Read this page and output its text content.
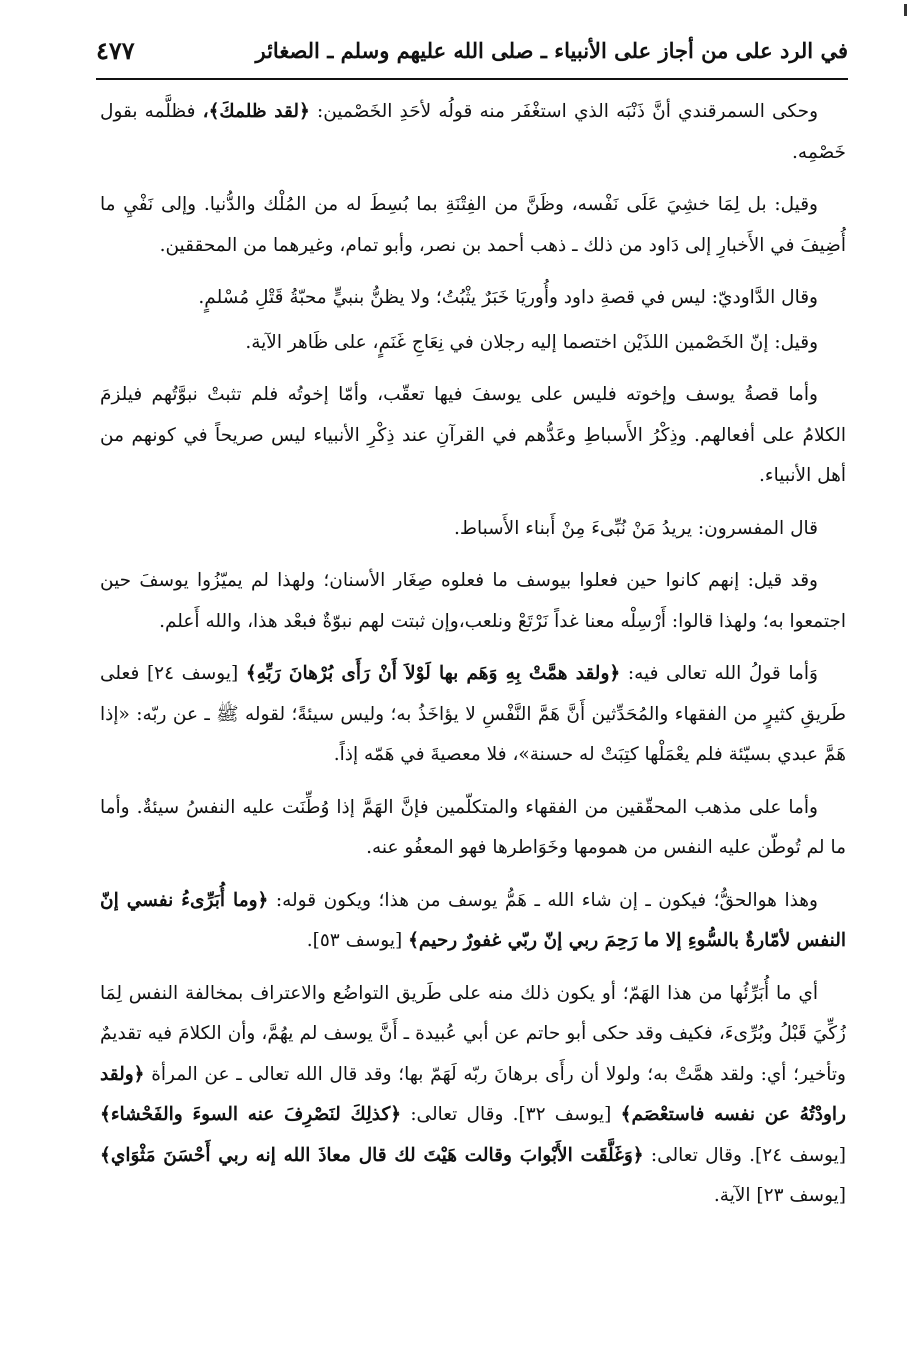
في الرد على من أجاز على الأنبياء ـ صلى الله عليهم وسلم ـ الصغائر
٤٧٧

وحكى السمرقندي أنَّ ذَنْبَه الذي استغْفَر منه قولُه لأحَدِ الخَصْمين: ﴿لقد ظلمكَ﴾، فظلَّمه بقول خَصْمِه.

وقيل: بل لِمَا خشِيَ عَلَى نَفْسه، وظَنَّ من الفِتْنَةِ بما بُسِطَ له من المُلْك والدُّنيا. وإلى نَفْيِ ما أُضِيفَ في الأَخبارِ إلى دَاود من ذلك ـ ذهب أحمد بن نصر، وأبو تمام، وغيرهما من المحققين.

وقال الدَّاوديّ: ليس في قصةِ داود وأُوريَا خَبَرٌ يثْبُتُ؛ ولا يظنُّ بنبيٍّ محبّةُ قَتْلِ مُسْلمٍ.

وقيل: إنّ الخَصْمين اللذَيْن اختصما إليه رجلان في نِعَاجِ غَنَمٍ، على ظَاهر الآية.

وأما قصةُ يوسف وإخوته فليس على يوسفَ فيها تعقّب، وأمّا إخوتُه فلم تثبتْ نبوَّتُهم فيلزمَ الكلامُ على أفعالهم. وذِكْرُ الأَسباطِ وعَدُّهم في القرآنِ عند ذِكْرِ الأنبياء ليس صريحاً في كونهم من أهل الأنبياء.

قال المفسرون: يريدُ مَنْ نُبِّىءَ مِنْ أَبناء الأَسباط.

وقد قيل: إنهم كانوا حين فعلوا بيوسف ما فعلوه صِغَار الأسنان؛ ولهذا لم يميّزُوا يوسفَ حين اجتمعوا به؛ ولهذا قالوا: أَرْسِلْه معنا غداً نَرْتَعْ ونلعب،وإن ثبتت لهم نبوّةٌ فبعْد هذا، والله أَعلم.

وَأما قولُ الله تعالى فيه: ﴿ولقد همَّتْ بِهِ وَهَم بها لَوْلاَ أَنْ رَأَى بُرْهانَ رَبِّهِ﴾ [يوسف ٢٤] فعلى طَريقِ كثيرٍ من الفقهاء والمُحَدِّثين أَنَّ هَمَّ النَّفْسِ لا يؤاخَذُ به؛ وليس سيئةً؛ لقوله ﷺ ـ عن ربّه: «إذا هَمَّ عبدي بسيّئة فلم يعْمَلْها كتِبَتْ له حسنة»، فلا معصيةَ في هَمّه إذاً.

وأما على مذهب المحقّقين من الفقهاء والمتكلّمين فإنَّ الهَمَّ إذا وُطِّنَت عليه النفسُ سيئةٌ. وأما ما لم تُوطّن عليه النفس من همومها وخَوَاطرها فهو المعفُو عنه.

وهذا هوالحقُّ؛ فيكون ـ إن شاء الله ـ هَمُّ يوسف من هذا؛ ويكون قوله: ﴿وما أُبَرِّىءُ نفسي إنّ النفس لأمّارةٌ بالسُّوءِ إلا ما رَحِمَ ربي إنّ ربّي غفورٌ رحيم﴾ [يوسف ٥٣].

أي ما أُبَرِّئُها من هذا الهَمّ؛ أو يكون ذلك منه على طَريق التواضُع والاعتراف بمخالفة النفس لِمَا زُكِّيَ قَبْلُ وبُرِّىءَ، فكيف وقد حكى أبو حاتم عن أبي عُبيدة ـ أَنَّ يوسف لم يهُمَّ، وأن الكلامَ فيه تقديمٌ وتأخير؛ أي: ولقد همَّتْ به؛ ولولا أن رأَى برهانَ ربّه لَهَمّ بها؛ وقد قال الله تعالى ـ عن المرأة ﴿ولقد راودْتُهُ عن نفسه فاستعْصَم﴾ [يوسف ٣٢]. وقال تعالى: ﴿كذلِكَ لنَصْرِفَ عنه السوءَ والفَحْشاء﴾ [يوسف ٢٤]. وقال تعالى: ﴿وَغَلَّقَت الأَبْوابَ وقالت هَيْتَ لك قال معاذَ الله إنه ربي أَحْسَنَ مَثْوَاي﴾ [يوسف ٢٣] الآية.
